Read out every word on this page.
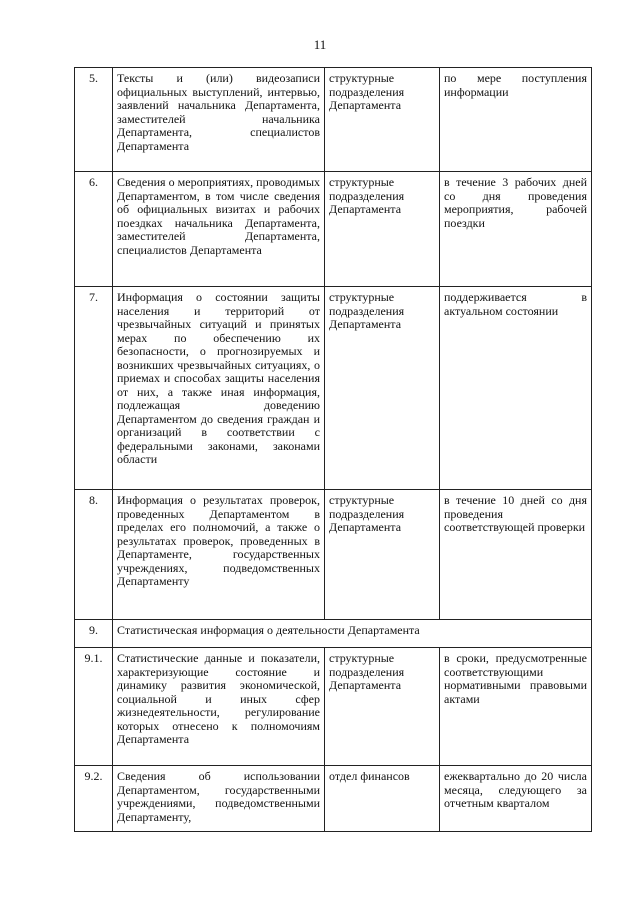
11
5.	Тексты и (или) видеозаписи официальных выступлений, интервью, заявлений начальника Департамента, заместителей начальника Департамента, специалистов Департамента	структурные подразделения Департамента	по мере поступления информации
6.	Сведения о мероприятиях, проводимых Департаментом, в том числе сведения об официальных визитах и рабочих поездках начальника Департамента, заместителей Департамента, специалистов Департамента	структурные подразделения Департамента	в течение 3 рабочих дней со дня проведения мероприятия, рабочей поездки
7.	Информация о состоянии защиты населения и территорий от чрезвычайных ситуаций и принятых мерах по обеспечению их безопасности, о прогнозируемых и возникших чрезвычайных ситуациях, о приемах и способах защиты населения от них, а также иная информация, подлежащая доведению Департаментом до сведения граждан и организаций в соответствии с федеральными законами, законами области	структурные подразделения Департамента	поддерживается в актуальном состоянии
8.	Информация о результатах проверок, проведенных Департаментом в пределах его полномочий, а также о результатах проверок, проведенных в Департаменте, государственных учреждениях, подведомственных Департаменту	структурные подразделения Департамента	в течение 10 дней со дня проведения соответствующей проверки
9.	Статистическая информация о деятельности Департамента		
9.1.	Статистические данные и показатели, характеризующие состояние и динамику развития экономической, социальной и иных сфер жизнедеятельности, регулирование которых отнесено к полномочиям Департамента	структурные подразделения Департамента	в сроки, предусмотренные соответствующими нормативными правовыми актами
9.2.	Сведения об использовании Департаментом, государственными учреждениями, подведомственными Департаменту,	отдел финансов	ежеквартально до 20 числа месяца, следующего за отчетным кварталом
